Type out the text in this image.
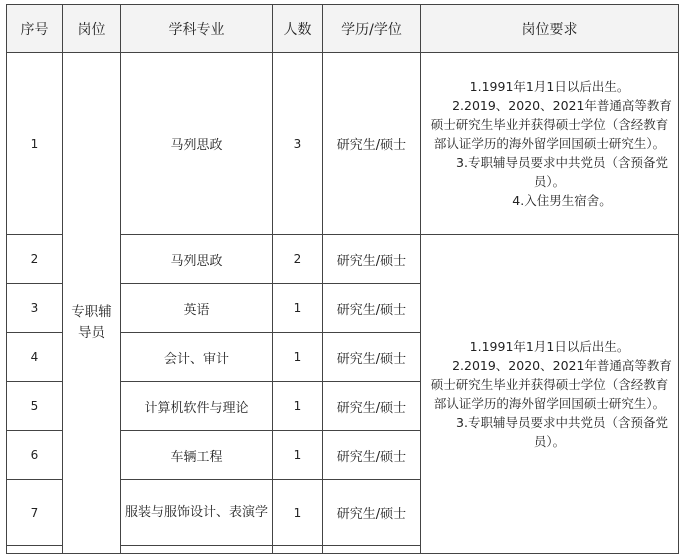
序号	岗位	学科专业	人数	学历/学位	岗位要求
1	专职辅导员	马列思政	3	研究生/硕士	1.1991年1月1日以后出生。
2.2019、2020、2021年普通高等教育硕士研究生毕业并获得硕士学位（含经教育部认证学历的海外留学回国硕士研究生）。
3.专职辅导员要求中共党员（含预备党员）。
4.入住男生宿舍。

2		马列思政	2	研究生/硕士	1.1991年1月1日以后出生。
2.2019、2020、2021年普通高等教育硕士研究生毕业并获得硕士学位（含经教育部认证学历的海外留学回国硕士研究生）。
3.专职辅导员要求中共党员（含预备党员）。

3		英语	1	研究生/硕士	
4		会计、审计	1	研究生/硕士	
5		计算机软件与理论	1	研究生/硕士	
6		车辆工程	1	研究生/硕士	
7		服装与服饰设计、表演学	1	研究生/硕士	
